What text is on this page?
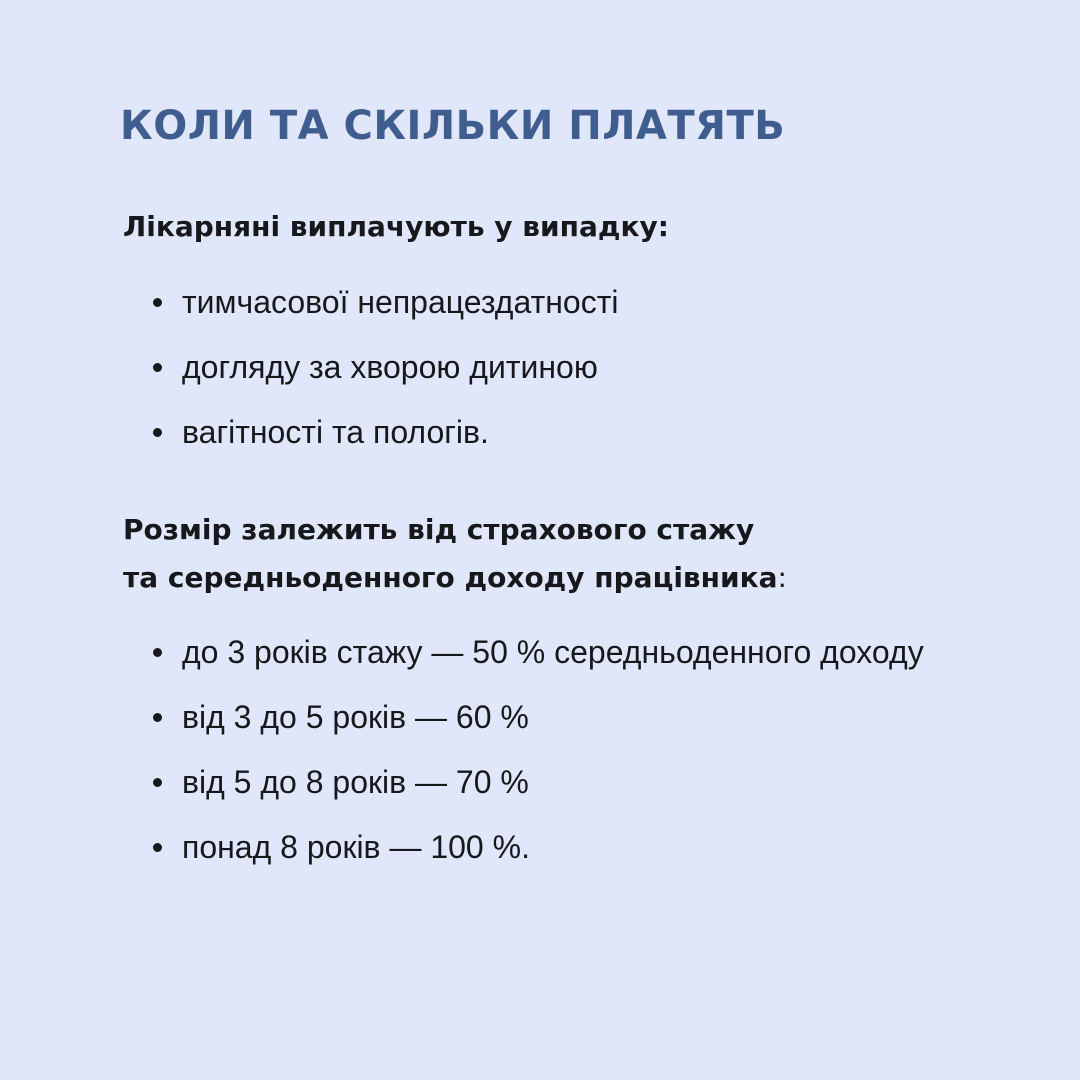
КОЛИ ТА СКІЛЬКИ ПЛАТЯТЬ

Лікарняні виплачують у випадку:

тимчасової непрацездатності
догляду за хворою дитиною
вагітності та пологів.

Розмір залежить від страхового стажу
та середньоденного доходу працівника:

до 3 років стажу — 50 % середньоденного доходу
від 3 до 5 років — 60 %
від 5 до 8 років — 70 %
понад 8 років — 100 %.
